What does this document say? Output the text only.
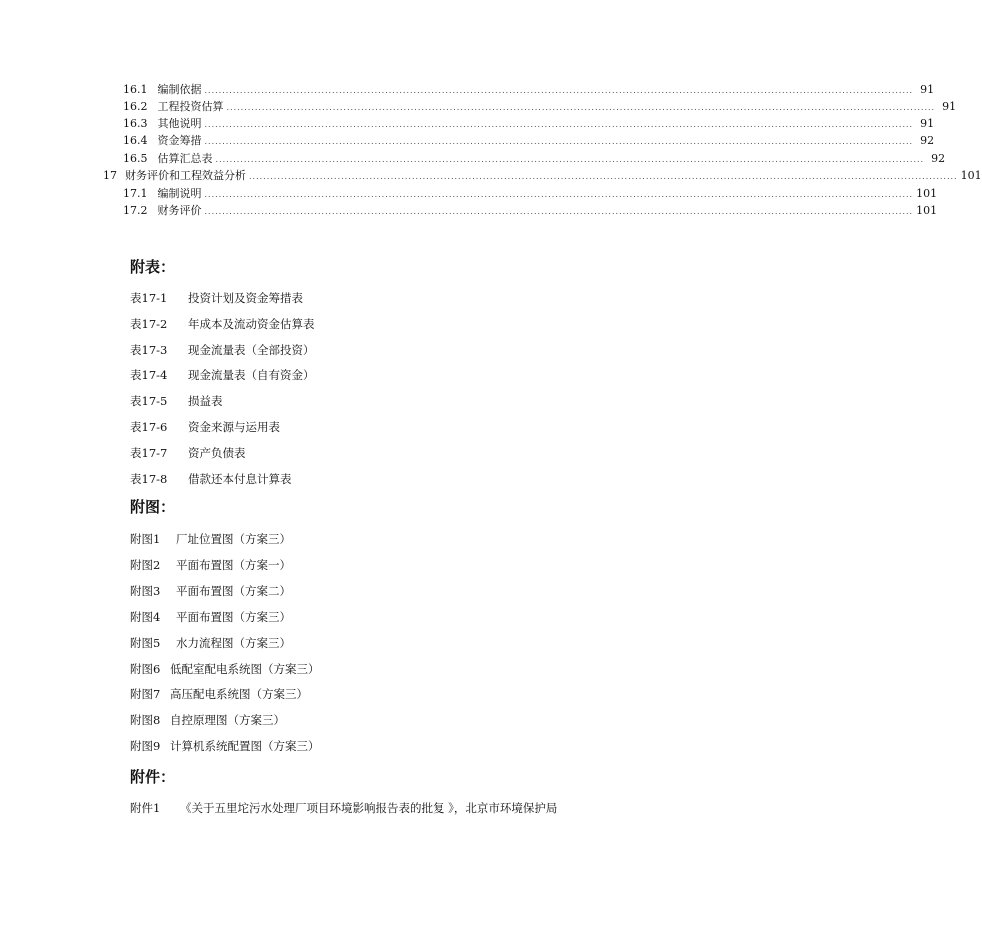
16.1 编制依据 ........................................................................................................................................................................................................ 91
16.2 工程投资估算 ........................................................................................................................................................................................................ 91
16.3 其他说明 ........................................................................................................................................................................................................ 91
16.4 资金筹措 ........................................................................................................................................................................................................ 92
16.5 估算汇总表 ........................................................................................................................................................................................................ 92
17 财务评价和工程效益分析 ........................................................................................................................................................................................................ 101
17.1 编制说明 ........................................................................................................................................................................................................ 101
17.2 财务评价 ........................................................................................................................................................................................................ 101
附表：
表17-1 投资计划及资金筹措表
表17-2 年成本及流动资金估算表
表17-3 现金流量表（全部投资）
表17-4 现金流量表（自有资金）
表17-5 损益表
表17-6 资金来源与运用表
表17-7 资产负债表
表17-8 借款还本付息计算表
附图：
附图1 厂址位置图（方案三）
附图2 平面布置图（方案一）
附图3 平面布置图（方案二）
附图4 平面布置图（方案三）
附图5 水力流程图（方案三）
附图6 低配室配电系统图（方案三）
附图7 高压配电系统图（方案三）
附图8 自控原理图（方案三）
附图9 计算机系统配置图（方案三）
附件：
附件1 《关于五里坨污水处理厂项目环境影响报告表的批复 》，北京市环境保护局
